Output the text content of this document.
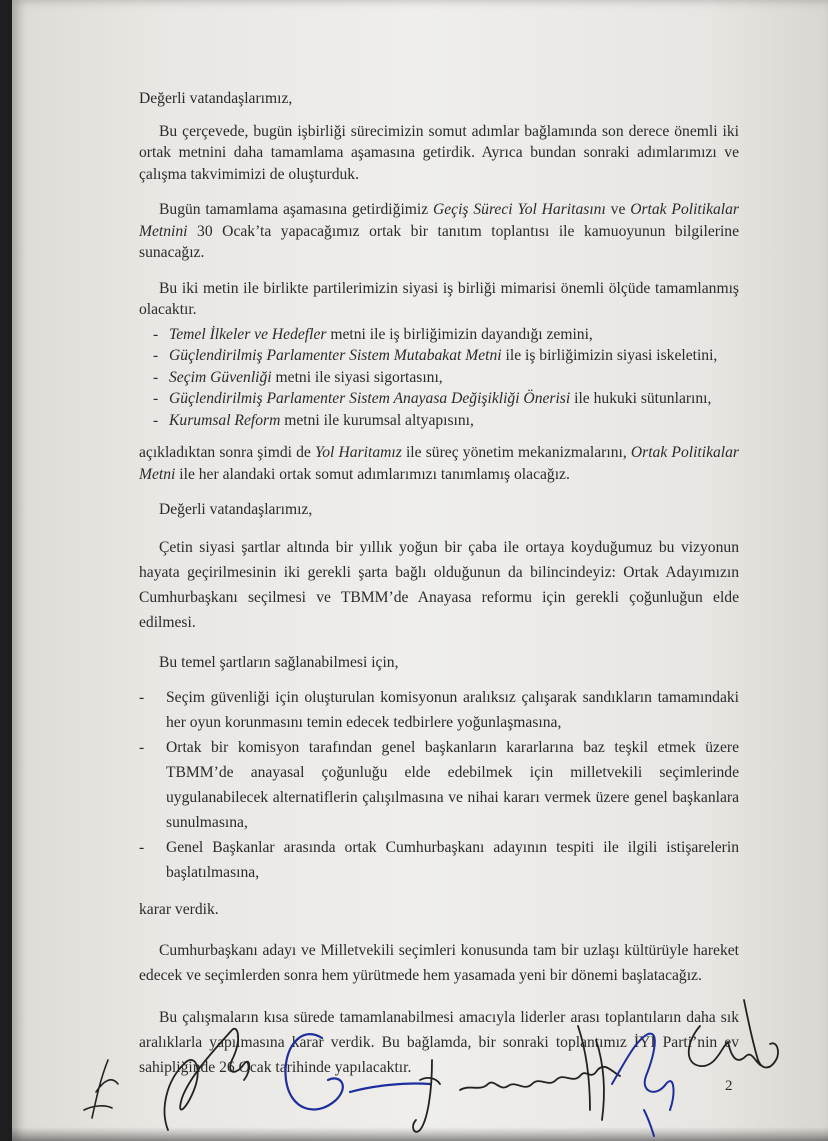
Değerli vatandaşlarımız,

Bu çerçevede, bugün işbirliği sürecimizin somut adımlar bağlamında son derece önemli iki ortak metnini daha tamamlama aşamasına getirdik. Ayrıca bundan sonraki adımlarımızı ve çalışma takvimimizi de oluşturduk.

Bugün tamamlama aşamasına getirdiğimiz Geçiş Süreci Yol Haritasını ve Ortak Politikalar Metnini 30 Ocak’ta yapacağımız ortak bir tanıtım toplantısı ile kamuoyunun bilgilerine sunacağız.

Bu iki metin ile birlikte partilerimizin siyasi iş birliği mimarisi önemli ölçüde tamamlanmış olacaktır.

- Temel İlkeler ve Hedefler metni ile iş birliğimizin dayandığı zemini,
- Güçlendirilmiş Parlamenter Sistem Mutabakat Metni ile iş birliğimizin siyasi iskeletini,
- Seçim Güvenliği metni ile siyasi sigortasını,
- Güçlendirilmiş Parlamenter Sistem Anayasa Değişikliği Önerisi ile hukuki sütunlarını,
- Kurumsal Reform metni ile kurumsal altyapısını,

açıkladıktan sonra şimdi de Yol Haritamız ile süreç yönetim mekanizmalarını, Ortak Politikalar Metni ile her alandaki ortak somut adımlarımızı tanımlamış olacağız.

Değerli vatandaşlarımız,

Çetin siyasi şartlar altında bir yıllık yoğun bir çaba ile ortaya koyduğumuz bu vizyonun hayata geçirilmesinin iki gerekli şarta bağlı olduğunun da bilincindeyiz: Ortak Adayımızın Cumhurbaşkanı seçilmesi ve TBMM’de Anayasa reformu için gerekli çoğunluğun elde edilmesi.

Bu temel şartların sağlanabilmesi için,

- Seçim güvenliği için oluşturulan komisyonun aralıksız çalışarak sandıkların tamamındaki her oyun korunmasını temin edecek tedbirlere yoğunlaşmasına,
- Ortak bir komisyon tarafından genel başkanların kararlarına baz teşkil etmek üzere TBMM’de anayasal çoğunluğu elde edebilmek için milletvekili seçimlerinde uygulanabilecek alternatiflerin çalışılmasına ve nihai kararı vermek üzere genel başkanlara sunulmasına,
- Genel Başkanlar arasında ortak Cumhurbaşkanı adayının tespiti ile ilgili istişarelerin başlatılmasına,

karar verdik.

Cumhurbaşkanı adayı ve Milletvekili seçimleri konusunda tam bir uzlaşı kültürüyle hareket edecek ve seçimlerden sonra hem yürütmede hem yasamada yeni bir dönemi başlatacağız.

Bu çalışmaların kısa sürede tamamlanabilmesi amacıyla liderler arası toplantıların daha sık aralıklarla yapılmasına karar verdik. Bu bağlamda, bir sonraki toplantımız İYİ Parti’nin ev sahipliğinde 26 Ocak tarihinde yapılacaktır.

2
